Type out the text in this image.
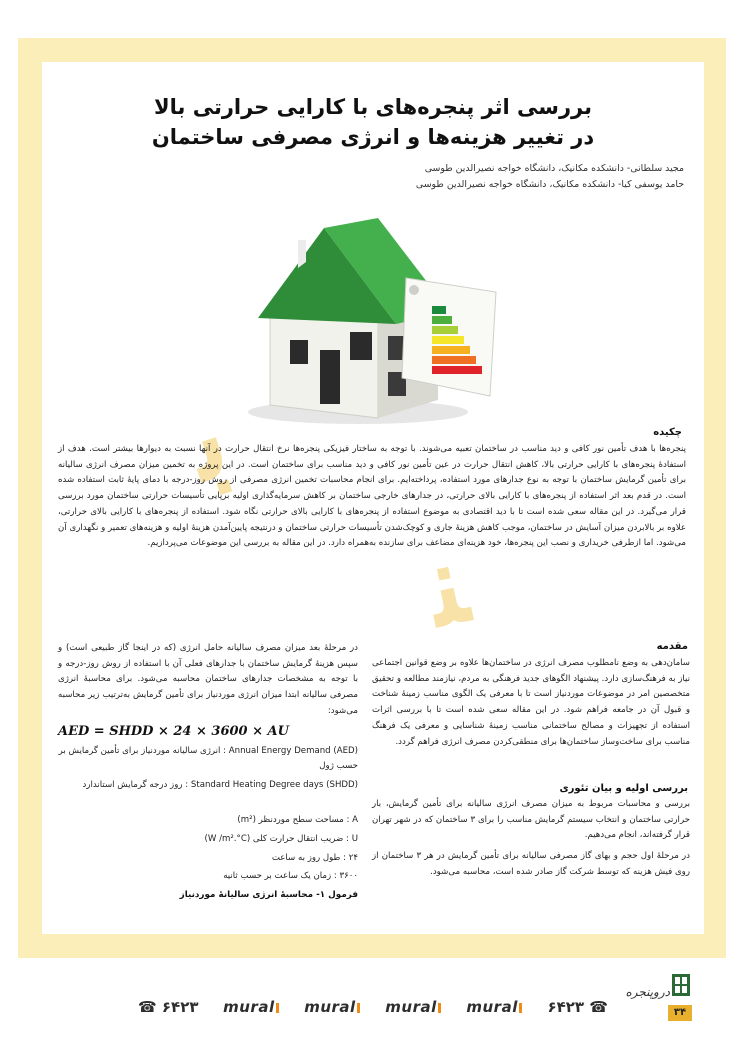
ﺑ
ﻨ
بررسی اثر پنجره‌های با کارایی حرارتی بالا
در تغییر هزینه‌ها و انرژی مصرفی ساختمان
مجید سلطانی- دانشکده مکانیک، دانشگاه خواجه نصیرالدین طوسی
حامد یوسفی کیا- دانشکده مکانیک، دانشگاه خواجه نصیرالدین طوسی
چکیده

پنجره‌ها با هدف تأمین نور کافی و دید مناسب در ساختمان تعبیه می‌شوند. با توجه به ساختار فیزیکی پنجره‌ها نرخ انتقال حرارت در آنها نسبت به دیوارها بیشتر است. هدف از استفادهٔ پنجره‌های با کارایی حرارتی بالا، کاهش انتقال حرارت در عین تأمین نور کافی و دید مناسب برای ساختمان است. در این پروژه به تخمین میزان مصرف انرژی سالیانه برای تأمین گرمایش ساختمان با توجه به نوع جدارهای مورد استفاده، پرداخته‌ایم. برای انجام محاسبات تخمین انرژی مصرفی از روش روز-درجه با دمای پایهٔ ثابت استفاده شده است. در قدم بعد اثر استفاده از پنجره‌های با کارایی بالای حرارتی، در جدارهای خارجی ساختمان بر کاهش سرمایه‌گذاری اولیه برپایی تأسیسات حرارتی ساختمان مورد بررسی قرار می‌گیرد. در این مقاله سعی شده است تا با دید اقتصادی به موضوع استفاده از پنجره‌های با کارایی بالای حرارتی نگاه شود. استفاده از پنجره‌های با کارایی بالای حرارتی، علاوه بر بالابردن میزان آسایش در ساختمان، موجب کاهش هزینهٔ جاری و کوچک‌شدن تأسیسات حرارتی ساختمان و درنتیجه پایین‌آمدن هزینهٔ اولیه و هزینه‌های تعمیر و نگهداری آن می‌شود. اما ازطرفی خریداری و نصب این پنجره‌ها، خود هزینه‌ای مضاعف برای سازنده به‌همراه دارد. در این مقاله به بررسی این موضوعات می‌پردازیم.

مقدمه

سامان‌دهی به وضع نامطلوب مصرف انرژی در ساختمان‌ها علاوه بر وضع قوانین اجتماعی نیاز به فرهنگ‌سازی دارد. پیشنهاد الگوهای جدید فرهنگی به مردم، نیازمند مطالعه و تحقیق متخصصین امر در موضوعات موردنیاز است تا با معرفی یک الگوی مناسب زمینهٔ شناخت و قبول آن در جامعه فراهم شود. در این مقاله سعی شده است تا با بررسی اثرات استفاده از تجهیزات و مصالح ساختمانی مناسب زمینهٔ شناسایی و معرفی یک فرهنگ مناسب برای ساخت‌وساز ساختمان‌ها برای منطقی‌کردن مصرف انرژی فراهم گردد.

بررسی اولیه و بیان تئوری

بررسی و محاسبات مربوط به میزان مصرف انرژی سالیانه برای تأمین گرمایش، بار حرارتی ساختمان و انتخاب سیستم گرمایش مناسب را برای ۳ ساختمان که در شهر تهران قرار گرفته‌اند، انجام می‌دهیم.

در مرحلهٔ اول حجم و بهای گاز مصرفی سالیانه برای تأمین گرمایش در هر ۳ ساختمان از روی فیش هزینه که توسط شرکت گاز صادر شده است، محاسبه می‌شود.

در مرحلهٔ بعد میزان مصرف سالیانه حامل انرژی (که در اینجا گاز طبیعی است) و سپس هزینهٔ گرمایش ساختمان با جدارهای فعلی آن با استفاده از روش روز-درجه و با توجه به مشخصات جدارهای ساختمان محاسبه می‌شود. برای محاسبهٔ انرژی مصرفی سالیانه ابتدا میزان انرژی موردنیاز برای تأمین گرمایش به‌ترتیب زیر محاسبه می‌شود:

AED = SHDD × 24 × 3600 × AU
Annual Energy Demand (AED) : انرژی سالیانه موردنیاز برای تأمین گرمایش بر حسب ژول
Standard Heating Degree days (SHDD) : روز درجه گرمایش استاندارد
A : مساحت سطح موردنظر (m²)
U : ضریب انتقال حرارت کلی (W /m².°C)
۲۴ : طول روز به ساعت
۳۶۰۰ : زمان یک ساعت بر حسب ثانیه
فرمول ۱- محاسبهٔ انرژی سالیانهٔ موردنیاز
☎ ۶۴۲۳ mural	mural	mural	mural	۶۴۲۳ ☎
دروپنجره
۳۴
